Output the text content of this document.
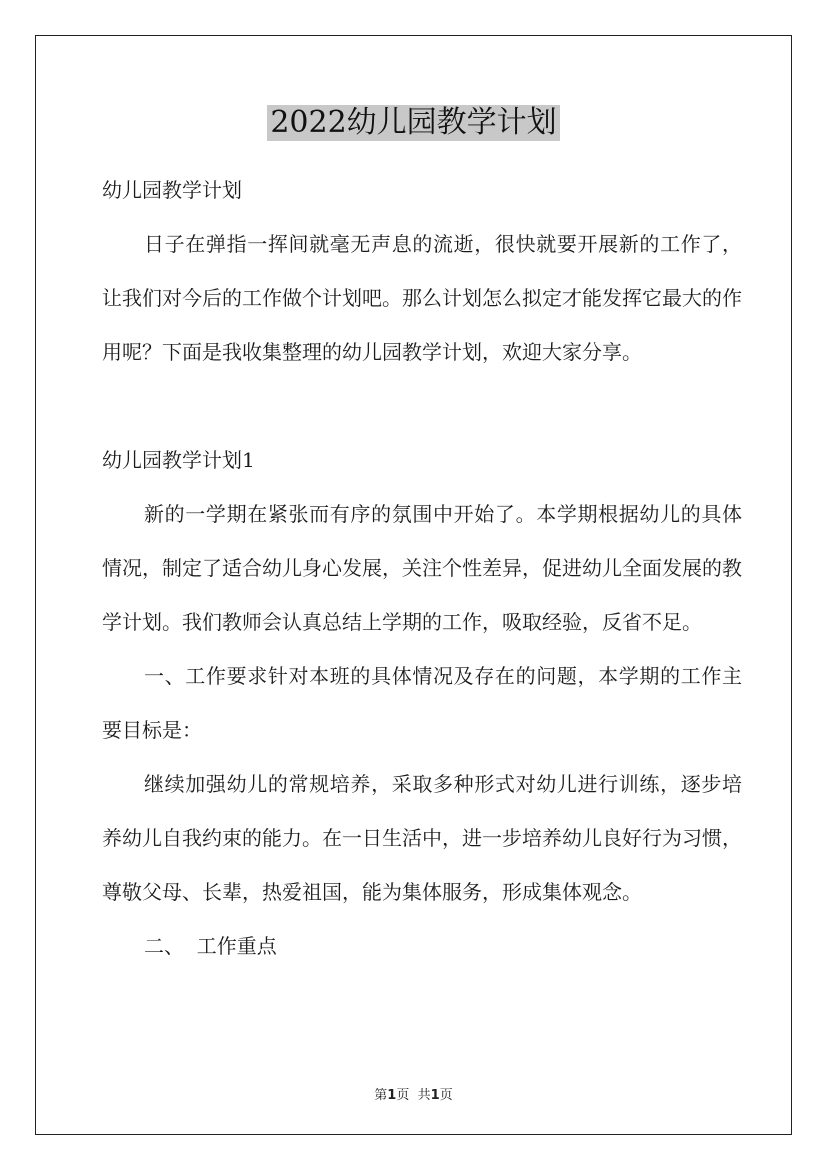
2022幼儿园教学计划
幼儿园教学计划
日子在弹指一挥间就毫无声息的流逝，很快就要开展新的工作了，让我们对今后的工作做个计划吧。那么计划怎么拟定才能发挥它最大的作用呢？下面是我收集整理的幼儿园教学计划，欢迎大家分享。
幼儿园教学计划1
新的一学期在紧张而有序的氛围中开始了。本学期根据幼儿的具体情况，制定了适合幼儿身心发展，关注个性差异，促进幼儿全面发展的教学计划。我们教师会认真总结上学期的工作，吸取经验，反省不足。
一、工作要求针对本班的具体情况及存在的问题，本学期的工作主要目标是：
继续加强幼儿的常规培养，采取多种形式对幼儿进行训练，逐步培养幼儿自我约束的能力。在一日生活中，进一步培养幼儿良好行为习惯，尊敬父母、长辈，热爱祖国，能为集体服务，形成集体观念。
二、  工作重点
第1页 共1页
